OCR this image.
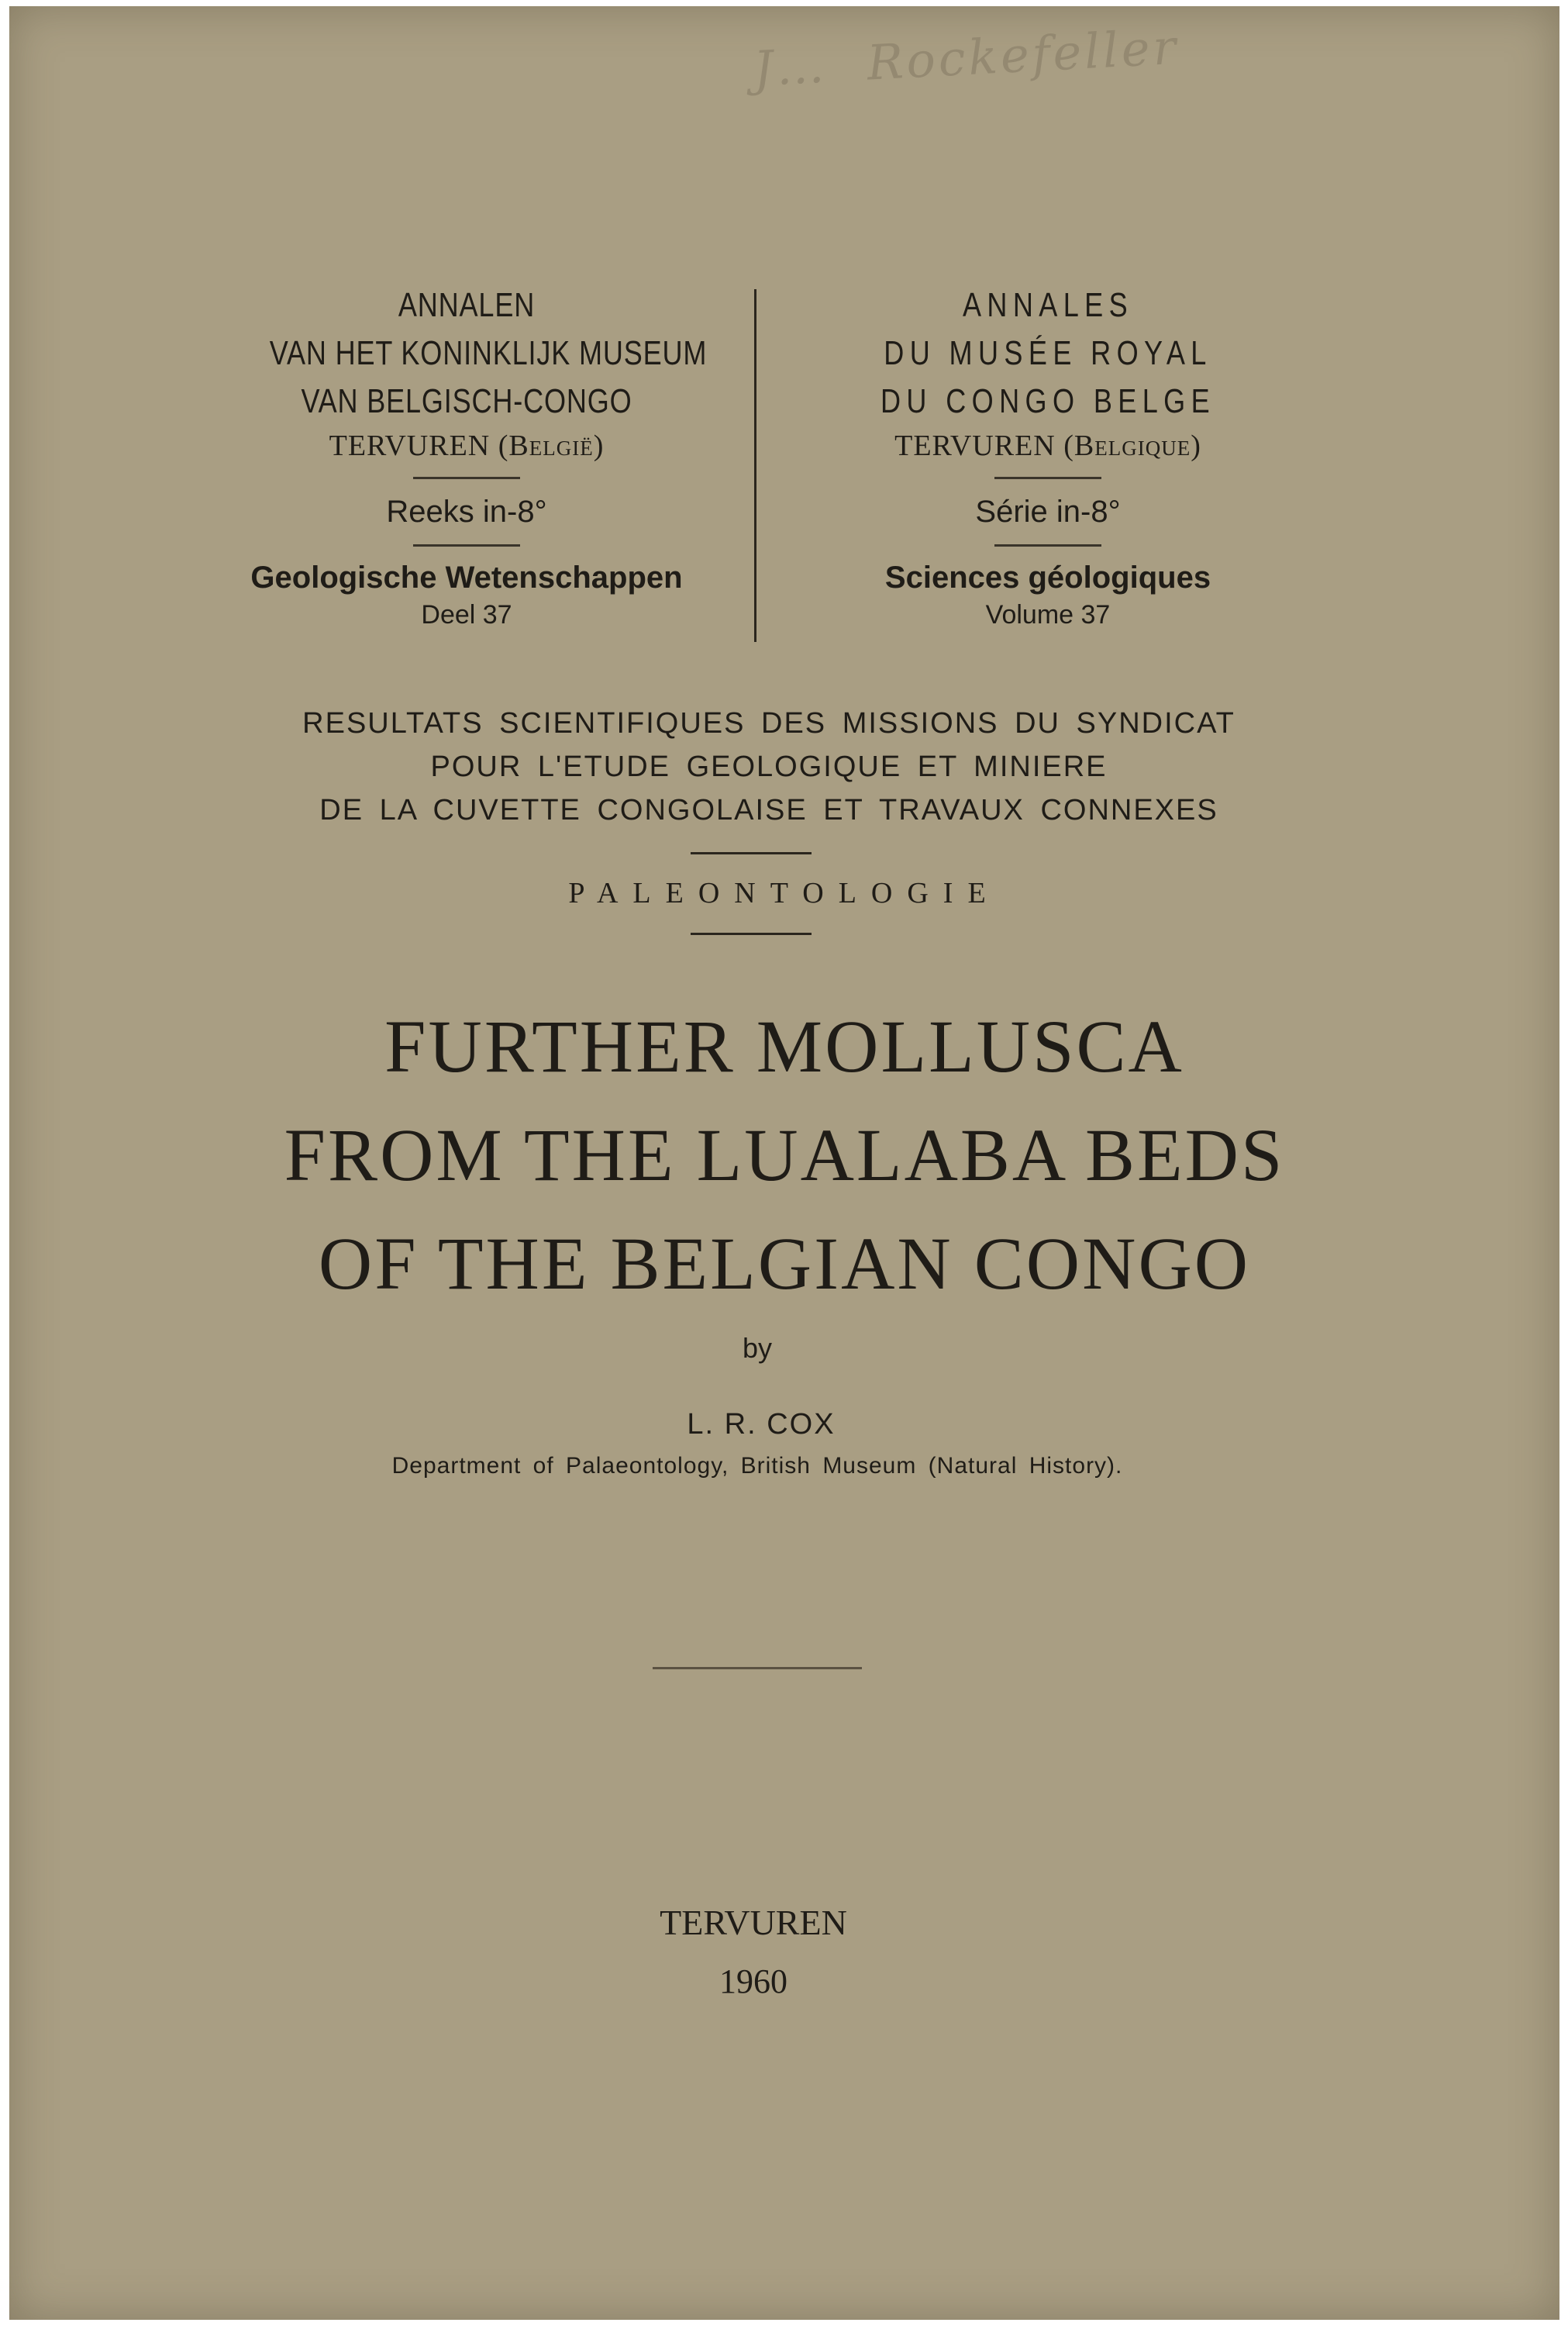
J… Rockefeller
ANNALEN
VAN HET KONINKLIJK MUSEUM
VAN BELGISCH-CONGO
TERVUREN (België)
Reeks in-8°
Geologische Wetenschappen
Deel 37
ANNALES
DU MUSÉE ROYAL
DU CONGO BELGE
TERVUREN (Belgique)
Série in-8°
Sciences géologiques
Volume 37
RESULTATS SCIENTIFIQUES DES MISSIONS DU SYNDICAT
POUR L'ETUDE GEOLOGIQUE ET MINIERE
DE LA CUVETTE CONGOLAISE ET TRAVAUX CONNEXES
PALEONTOLOGIE
FURTHER MOLLUSCA
FROM THE LUALABA BEDS
OF THE BELGIAN CONGO
by
L. R. COX
Department of Palaeontology, British Museum (Natural History).
TERVUREN
1960
